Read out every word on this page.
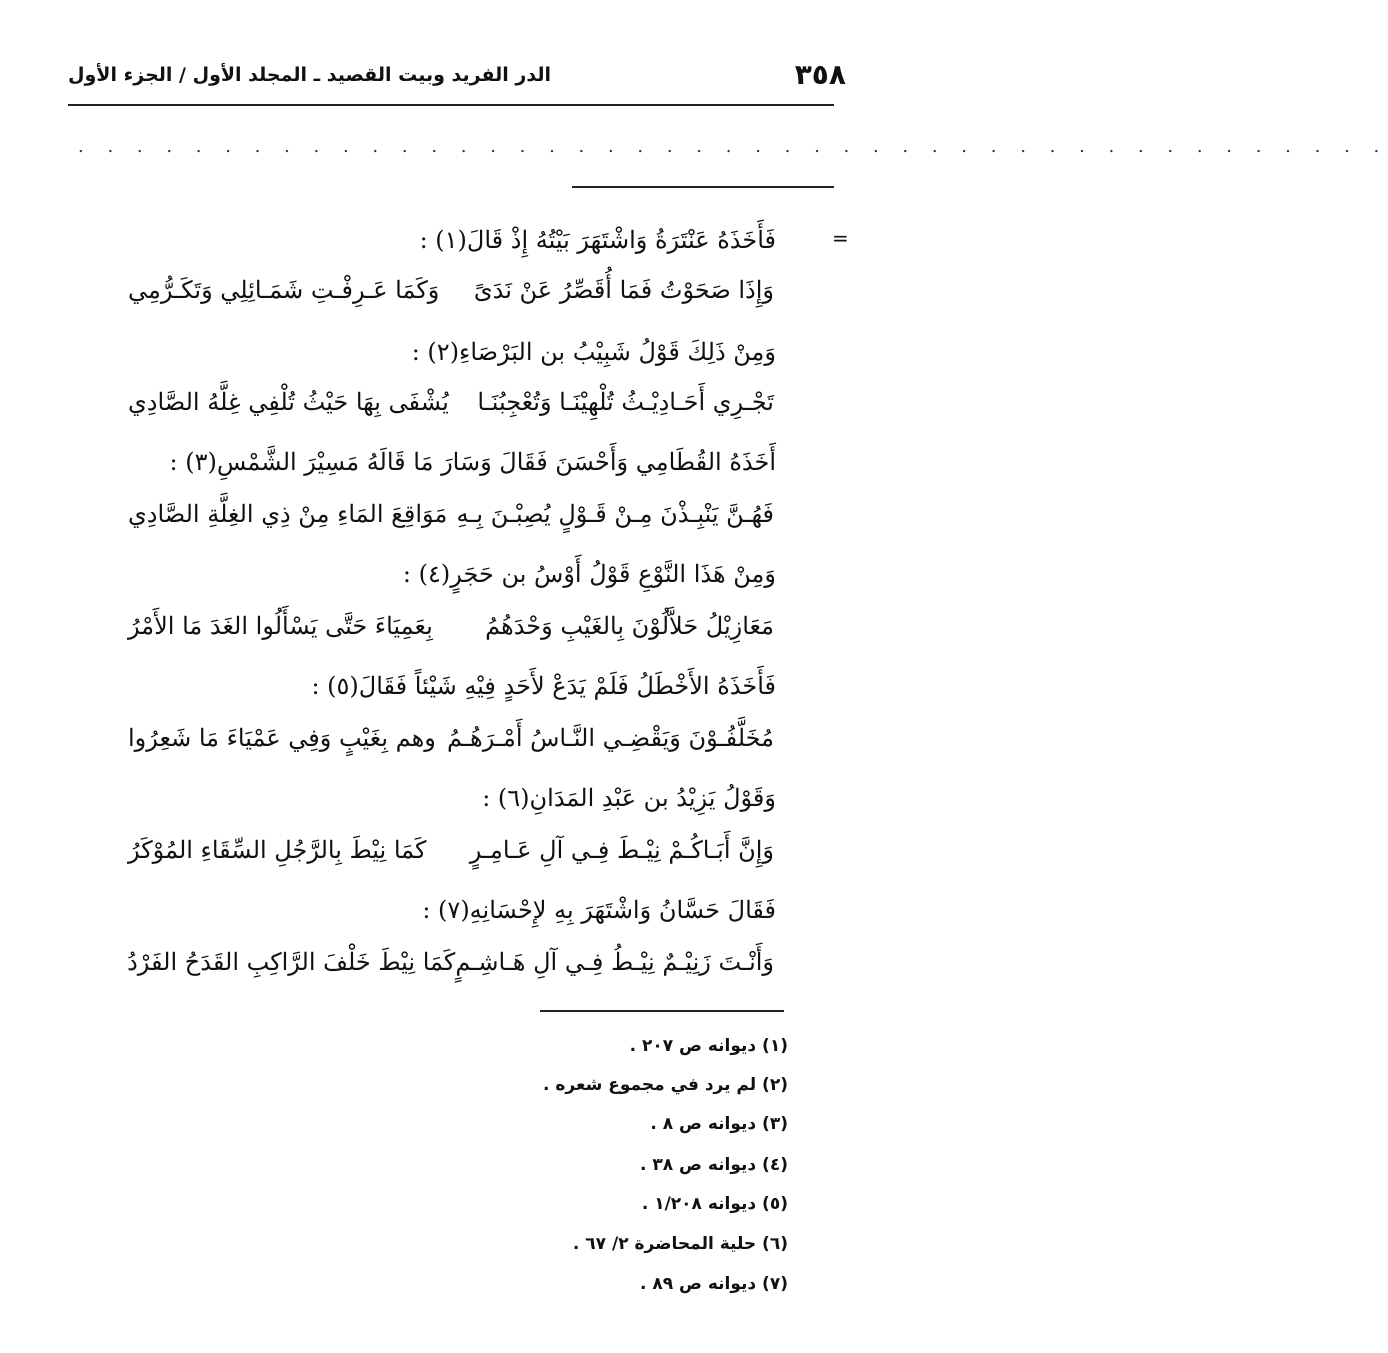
٣٥٨
الدر الفريد وبيت القصيد ـ المجلد الأول / الجزء الأول
. . . . . . . . . . . . . . . . . . . . . . . . . . . . . . . . . . . . . . . . . . . . .
=
فَأَخَذَهُ عَنْتَرَةُ وَاشْتَهَرَ بَيْتُهُ إِذْ قَالَ(١) :
وَإِذَا صَحَوْتُ فَمَا أُقَصِّرُ عَنْ نَدَىً
وَكَمَا عَـرِفْـتِ شَمَـائِلِي وَتَكَـرُّمِي
وَمِنْ ذَلِكَ قَوْلُ شَبِيْبُ بن البَرْصَاءِ(٢) :
تَجْـرِي أَحَـادِيْـثُ تُلْهِيْنَـا وَتُعْجِبُنَـا
يُشْفَى بِهَا حَيْثُ تُلْفِي غِلَّهُ الصَّادِي
أَخَذَهُ القُطَامِي وَأَحْسَنَ فَقَالَ وَسَارَ مَا قَالَهُ مَسِيْرَ الشَّمْسِ(٣) :
فَهُـنَّ يَنْبِـذْنَ مِـنْ قَـوْلٍ يُصِبْـنَ بِـهِ
مَوَاقِعَ المَاءِ مِنْ ذِي الغِلَّةِ الصَّادِي
وَمِنْ هَذَا النَّوْعِ قَوْلُ أَوْسُ بن حَجَرٍ(٤) :
مَعَازِيْلُ حَلاَّلُوْنَ بِالغَيْبِ وَحْدَهُمُ
بِعَمِيَاءَ حَتَّى يَسْأَلُوا الغَدَ مَا الأَمْرُ
فَأَخَذَهُ الأَخْطَلُ فَلَمْ يَدَعْ لأَحَدٍ فِيْهِ شَيْئاً فَقَالَ(٥) :
مُخَلَّفُـوْنَ وَيَقْضِـي النَّـاسُ أَمْـرَهُـمُ
وهم بِغَيْبٍ وَفِي عَمْيَاءَ مَا شَعِرُوا
وَقَوْلُ يَزِيْدُ بن عَبْدِ المَدَانِ(٦) :
وَإِنَّ أَبَـاكُـمْ نِيْـطَ فِـي آلِ عَـامِـرٍ
كَمَا نِيْطَ بِالرَّجُلِ السِّقَاءِ المُوْكَرُ
فَقَالَ حَسَّانُ وَاشْتَهَرَ بِهِ لإِحْسَانِهِ(٧) :
وَأَنْـتَ زَنِيْـمٌ نِيْـطُ فِـي آلِ هَـاشِـمٍ
كَمَا نِيْطَ خَلْفَ الرَّاكِبِ القَدَحُ الفَرْدُ
(١) ديوانه ص ٢٠٧ .
(٢) لم يرد في مجموع شعره .
(٣) ديوانه ص ٨ .
(٤) ديوانه ص ٣٨ .
(٥) ديوانه ١/٢٠٨ .
(٦) حلية المحاضرة ٢/ ٦٧ .
(٧) ديوانه ص ٨٩ .
